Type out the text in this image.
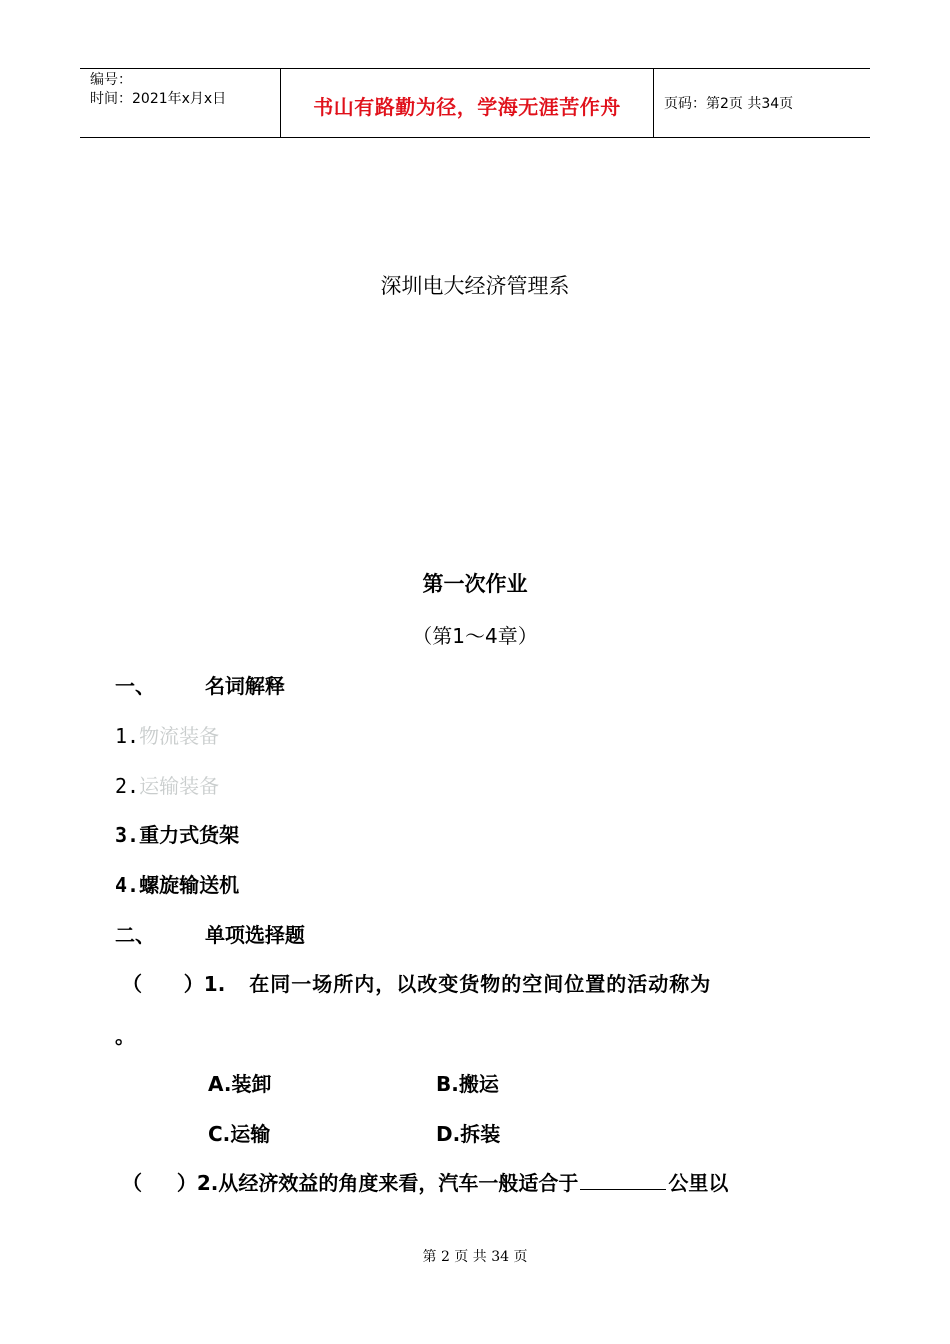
编号：
时间：2021年x月x日	书山有路勤为径，学海无涯苦作舟	页码：第2页 共34页
深圳电大经济管理系
第一次作业
（第1～4章）
一、 名词解释
1.物流装备
2.运输装备
3.重力式货架
4.螺旋输送机
二、 单项选择题
（      ）1. 在同一场所内，以改变货物的空间位置的活动称为
。
A.装卸	B.搬运
C.运输	D.拆装
（     ）2.从经济效益的角度来看，汽车一般适合于	公里以
第 2 页 共 34 页
